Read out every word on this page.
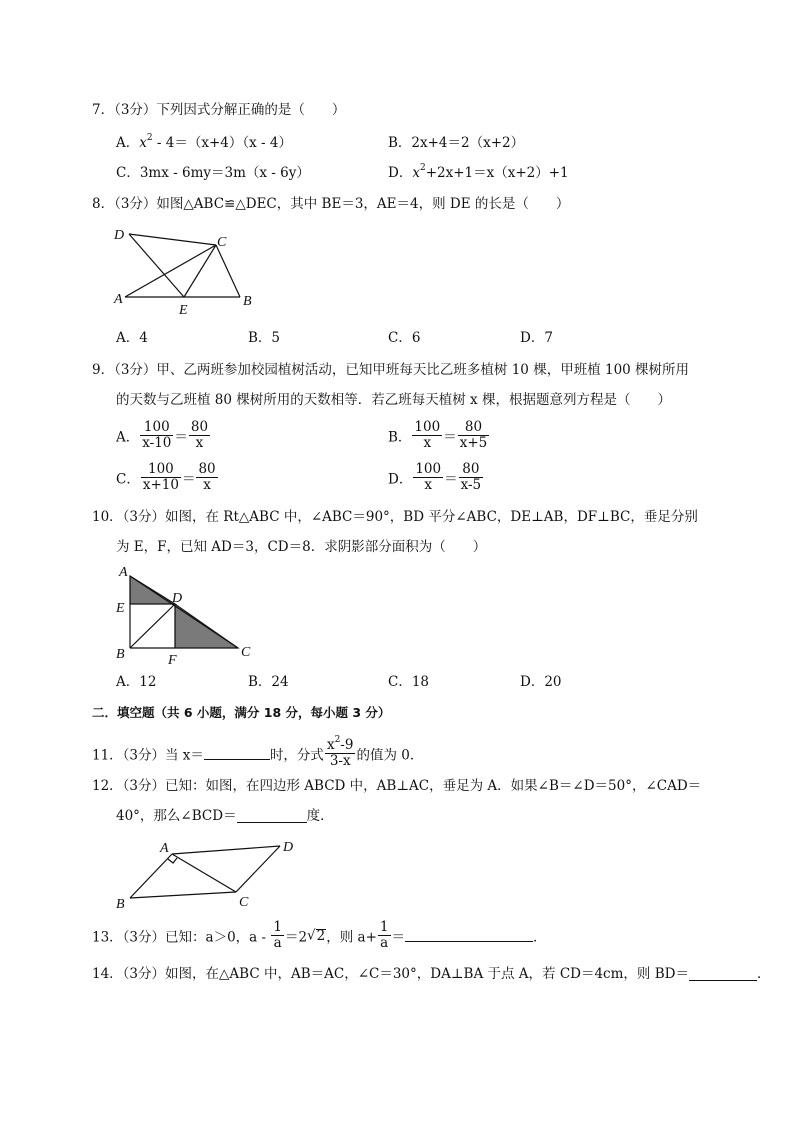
7．（3分）下列因式分解正确的是（　　）
A．$x^2 - 4=(x+4)(x - 4)$	B．2x+4＝2（x+2）
C．3mx - 6my＝3m（x - 6y）	D．$x^2+2x+1=x(x+2)+1$
8．（3分）如图△ABC≌△DEC，其中 BE＝3，AE＝4，则 DE 的长是（　　）
D	C
A
E
B
A．4	B．5	C．6	D．7
9．（3分）甲、乙两班参加校园植树活动，已知甲班每天比乙班多植树 10 棵，甲班植 100 棵树所用
的天数与乙班植 80 棵树所用的天数相等．若乙班每天植树 x 棵，根据题意列方程是（　　）
A． $\frac{100}{x-10} = \frac{80}{x}$	B． $\frac{100}{x} = \frac{80}{x+5}$
C． $\frac{100}{x+10} = \frac{80}{x}$	D． $\frac{100}{x} = \frac{80}{x-5}$
10．（3分）如图，在 Rt△ABC 中，∠ABC＝90°，BD 平分∠ABC，DE⊥AB，DF⊥BC，垂足分别
为 E，F，已知 AD＝3，CD＝8．求阴影部分面积为（　　）
A
D
E
B	F
C
A．12	B．24	C．18	D．20
二．填空题（共 6 小题，满分 18 分，每小题 3 分）
11．（3分）当 x＝	时，分式 $\frac{x^2-9}{3-x}$ 的值为 0．
12．（3分）已知：如图，在四边形 ABCD 中，AB⊥AC，垂足为 A．如果∠B＝∠D＝50°，∠CAD＝
40°，那么∠BCD＝	度．
A	D
B	C
13．（3分）已知：a＞0，$a - \frac{1}{a} =2√2$，则 $a+ \frac{1}{a}$ ＝	．
14．（3分）如图，在△ABC 中，AB＝AC，∠C＝30°，DA⊥BA 于点 A，若 CD＝4cm，则 BD＝	．
